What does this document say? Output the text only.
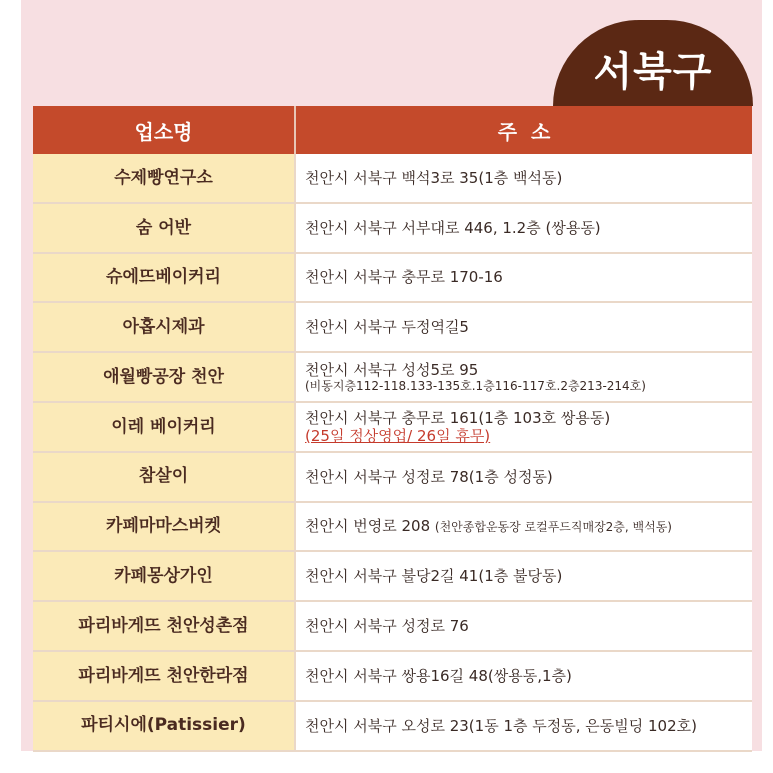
서북구
업소명	주  소
수제빵연구소	천안시 서북구 백석3로 35(1층 백석동)
숨 어반	천안시 서북구 서부대로 446, 1.2층 (쌍용동)
슈에뜨베이커리	천안시 서북구 충무로 170-16
아홉시제과	천안시 서북구 두정역길5
애월빵공장 천안	천안시 서북구 성성5로 95
(비동지층112-118.133-135호.1층116-117호.2층213-214호)

이레 베이커리	천안시 서북구 충무로 161(1층 103호 쌍용동)
(25일 정상영업/ 26일 휴무)

참살이	천안시 서북구 성정로 78(1층 성정동)
카페마마스버켓	천안시 번영로 208 (천안종합운동장 로컬푸드직매장2층, 백석동)
카페몽상가인	천안시 서북구 불당2길 41(1층 불당동)
파리바게뜨 천안성촌점	천안시 서북구 성정로 76
파리바게뜨 천안한라점	천안시 서북구 쌍용16길 48(쌍용동,1층)
파티시에(Patissier)	천안시 서북구 오성로 23(1동 1층 두정동, 은동빌딩 102호)
